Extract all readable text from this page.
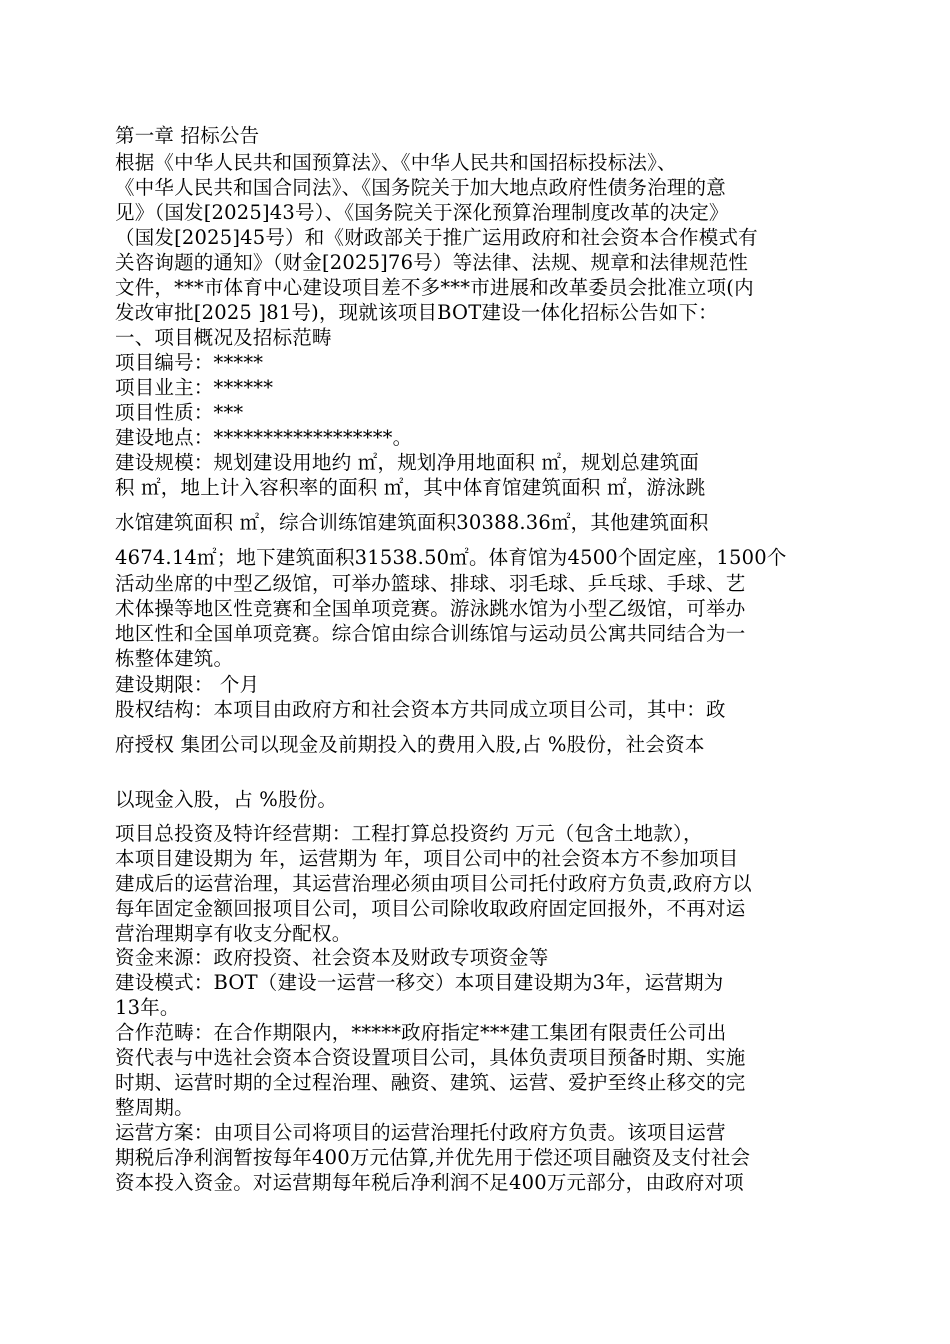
第一章 招标公告
根据《中华人民共和国预算法》、《中华人民共和国招标投标法》、
《中华人民共和国合同法》、《国务院关于加大地点政府性债务治理的意
见》（国发[2025]43号）、《国务院关于深化预算治理制度改革的决定》
（国发[2025]45号）和《财政部关于推广运用政府和社会资本合作模式有
关咨询题的通知》（财金[2025]76号）等法律、法规、规章和法律规范性
文件，***市体育中心建设项目差不多***市进展和改革委员会批准立项(内
发改审批[2025 ]81号)，现就该项目BOT建设一体化招标公告如下：
一、项目概况及招标范畴
项目编号：*****
项目业主：******
项目性质：***
建设地点：******************。
建设规模：规划建设用地约 ㎡，规划净用地面积 ㎡，规划总建筑面
积 ㎡，地上计入容积率的面积 ㎡，其中体育馆建筑面积 ㎡，游泳跳
水馆建筑面积 ㎡，综合训练馆建筑面积30388.36㎡，其他建筑面积
4674.14㎡；地下建筑面积31538.50㎡。体育馆为4500个固定座，1500个
活动坐席的中型乙级馆，可举办篮球、排球、羽毛球、乒乓球、手球、艺
术体操等地区性竞赛和全国单项竞赛。游泳跳水馆为小型乙级馆，可举办
地区性和全国单项竞赛。综合馆由综合训练馆与运动员公寓共同结合为一
栋整体建筑。
建设期限： 个月
股权结构：本项目由政府方和社会资本方共同成立项目公司，其中：政
府授权 集团公司以现金及前期投入的费用入股,占 %股份，社会资本
以现金入股，占 %股份。
项目总投资及特许经营期：工程打算总投资约 万元（包含土地款），
本项目建设期为 年，运营期为 年，项目公司中的社会资本方不参加项目
建成后的运营治理，其运营治理必须由项目公司托付政府方负责,政府方以
每年固定金额回报项目公司，项目公司除收取政府固定回报外，不再对运
营治理期享有收支分配权。
资金来源：政府投资、社会资本及财政专项资金等
建设模式：BOT（建设一运营一移交）本项目建设期为3年，运营期为
13年。
合作范畴：在合作期限内，*****政府指定***建工集团有限责任公司出
资代表与中选社会资本合资设置项目公司，具体负责项目预备时期、实施
时期、运营时期的全过程治理、融资、建筑、运营、爱护至终止移交的完
整周期。
运营方案：由项目公司将项目的运营治理托付政府方负责。该项目运营
期税后净利润暂按每年400万元估算,并优先用于偿还项目融资及支付社会
资本投入资金。对运营期每年税后净利润不足400万元部分，由政府对项
